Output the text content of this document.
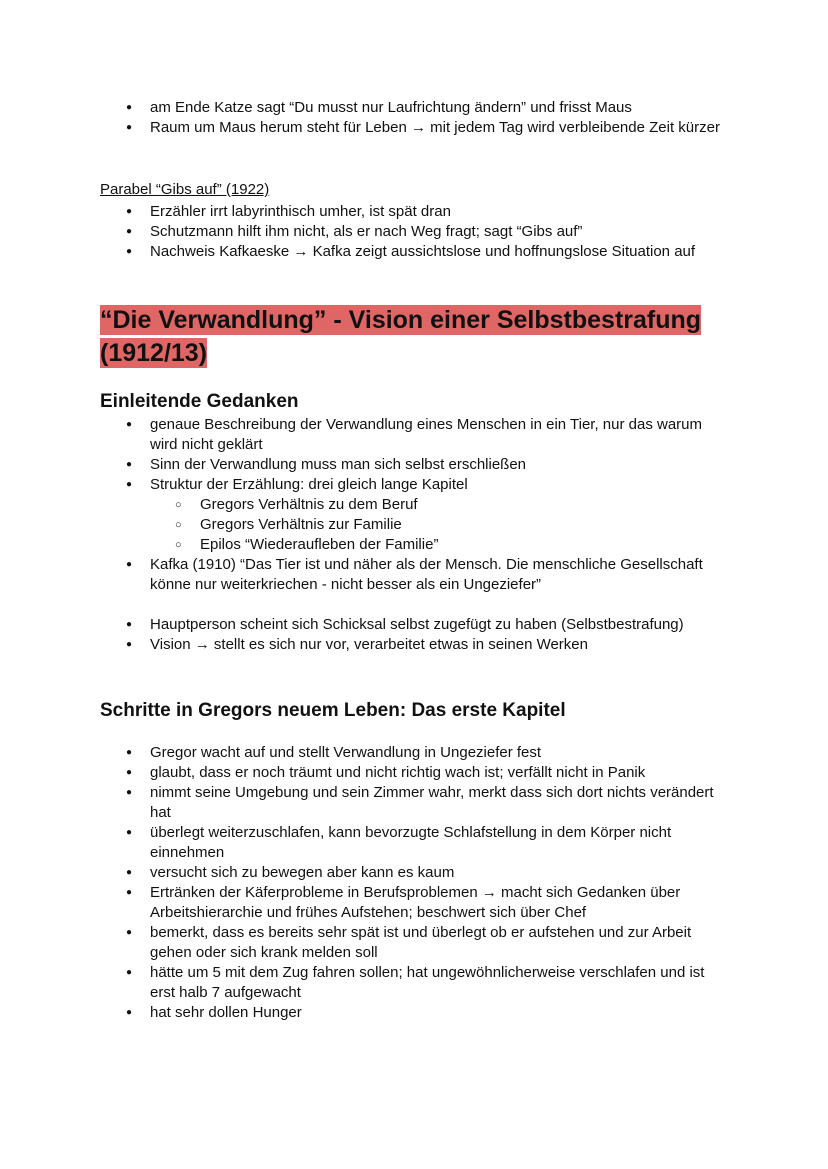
● am Ende Katze sagt “Du musst nur Laufrichtung ändern” und frisst Maus
● Raum um Maus herum steht für Leben → mit jedem Tag wird verbleibende Zeit kürzer
Parabel “Gibs auf” (1922)
● Erzähler irrt labyrinthisch umher, ist spät dran
● Schutzmann hilft ihm nicht, als er nach Weg fragt; sagt “Gibs auf”
● Nachweis Kafkaeske → Kafka zeigt aussichtslose und hoffnungslose Situation auf
“Die Verwandlung” - Vision einer Selbstbestrafung (1912/13)
Einleitende Gedanken
● genaue Beschreibung der Verwandlung eines Menschen in ein Tier, nur das warum wird nicht geklärt
● Sinn der Verwandlung muss man sich selbst erschließen
● Struktur der Erzählung: drei gleich lange Kapitel
○ Gregors Verhältnis zu dem Beruf
○ Gregors Verhältnis zur Familie
○ Epilos “Wiederaufleben der Familie”
● Kafka (1910) “Das Tier ist und näher als der Mensch. Die menschliche Gesellschaft könne nur weiterkriechen - nicht besser als ein Ungeziefer”
● Hauptperson scheint sich Schicksal selbst zugefügt zu haben (Selbstbestrafung)
● Vision → stellt es sich nur vor, verarbeitet etwas in seinen Werken
Schritte in Gregors neuem Leben: Das erste Kapitel
● Gregor wacht auf und stellt Verwandlung in Ungeziefer fest
● glaubt, dass er noch träumt und nicht richtig wach ist; verfällt nicht in Panik
● nimmt seine Umgebung und sein Zimmer wahr, merkt dass sich dort nichts verändert hat
● überlegt weiterzuschlafen, kann bevorzugte Schlafstellung in dem Körper nicht einnehmen
● versucht sich zu bewegen aber kann es kaum
● Ertränken der Käferprobleme in Berufsproblemen → macht sich Gedanken über Arbeitshierarchie und frühes Aufstehen; beschwert sich über Chef
● bemerkt, dass es bereits sehr spät ist und überlegt ob er aufstehen und zur Arbeit gehen oder sich krank melden soll
● hätte um 5 mit dem Zug fahren sollen; hat ungewöhnlicherweise verschlafen und ist erst halb 7 aufgewacht
● hat sehr dollen Hunger
